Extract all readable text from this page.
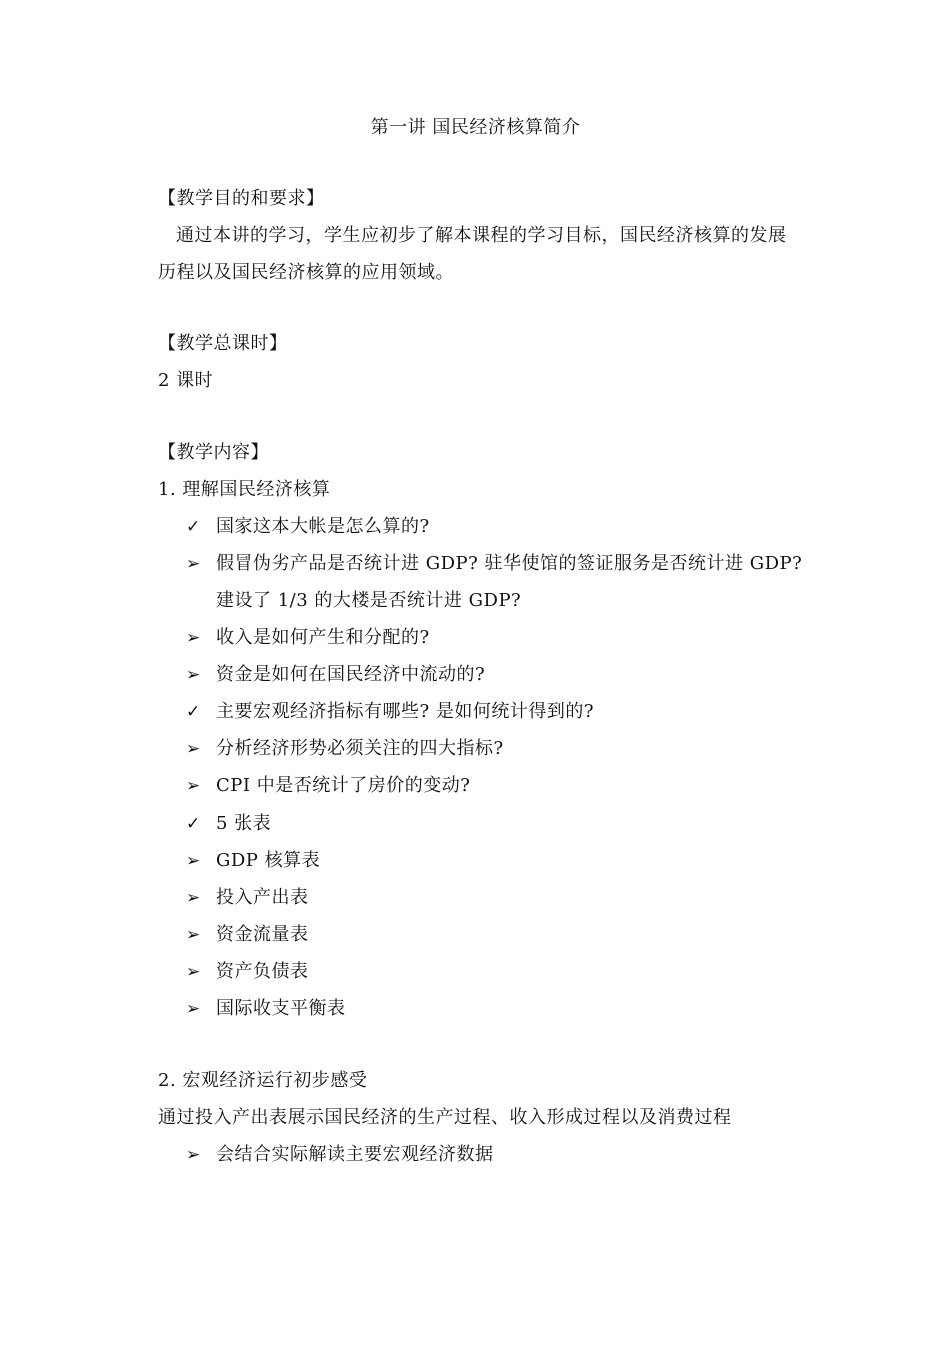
第一讲 国民经济核算简介
【教学目的和要求】
通过本讲的学习，学生应初步了解本课程的学习目标，国民经济核算的发展
历程以及国民经济核算的应用领域。
【教学总课时】
2 课时
【教学内容】
1. 理解国民经济核算
✓ 国家这本大帐是怎么算的?
➢ 假冒伪劣产品是否统计进 GDP? 驻华使馆的签证服务是否统计进 GDP?
建设了 1/3 的大楼是否统计进 GDP?
➢ 收入是如何产生和分配的?
➢ 资金是如何在国民经济中流动的?
✓ 主要宏观经济指标有哪些? 是如何统计得到的?
➢ 分析经济形势必须关注的四大指标?
➢ CPI 中是否统计了房价的变动?
✓ 5 张表
➢ GDP 核算表
➢ 投入产出表
➢ 资金流量表
➢ 资产负债表
➢ 国际收支平衡表
2. 宏观经济运行初步感受
通过投入产出表展示国民经济的生产过程、收入形成过程以及消费过程
➢ 会结合实际解读主要宏观经济数据
